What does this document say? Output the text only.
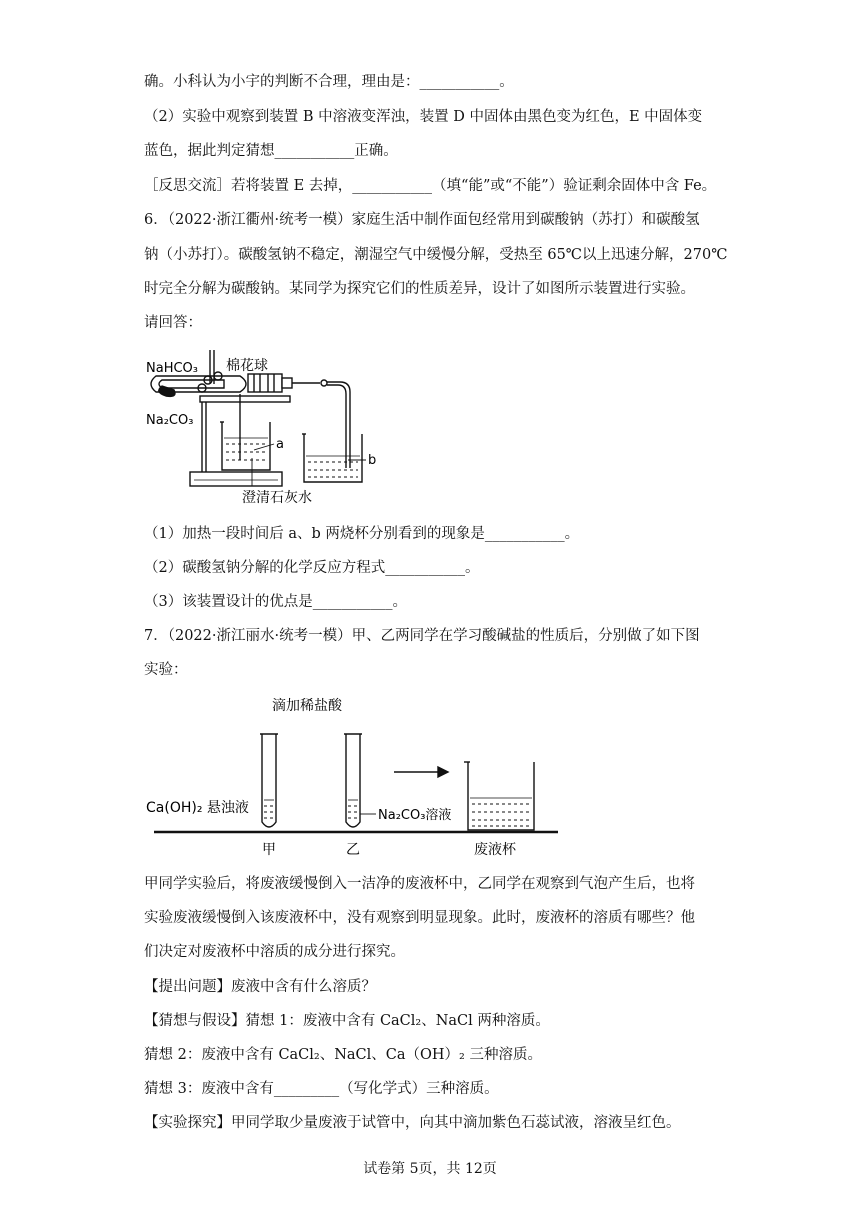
确。小科认为小宇的判断不合理，理由是：___________。
（2）实验中观察到装置 B 中溶液变浑浊，装置 D 中固体由黑色变为红色，E 中固体变
蓝色，据此判定猜想___________正确。
［反思交流］若将装置 E 去掉，___________（填“能”或“不能”）验证剩余固体中含 Fe。
6．（2022·浙江衢州·统考一模）家庭生活中制作面包经常用到碳酸钠（苏打）和碳酸氢
钠（小苏打）。碳酸氢钠不稳定，潮湿空气中缓慢分解，受热至 65℃以上迅速分解，270℃
时完全分解为碳酸钠。某同学为探究它们的性质差异，设计了如图所示装置进行实验。
请回答：
NaHCO₃ 棉花球
Na₂CO₃
a
b
澄清石灰水
（1）加热一段时间后 a、b 两烧杯分别看到的现象是___________。
（2）碳酸氢钠分解的化学反应方程式___________。
（3）该装置设计的优点是___________。
7．（2022·浙江丽水·统考一模）甲、乙两同学在学习酸碱盐的性质后，分别做了如下图
实验：
滴加稀盐酸
Ca(OH)₂ 悬浊液	Na₂CO₃溶液
甲	乙	废液杯
甲同学实验后，将废液缓慢倒入一洁净的废液杯中，乙同学在观察到气泡产生后，也将
实验废液缓慢倒入该废液杯中，没有观察到明显现象。此时，废液杯的溶质有哪些？他
们决定对废液杯中溶质的成分进行探究。
【提出问题】废液中含有什么溶质？
【猜想与假设】猜想 1：废液中含有 CaCl₂、NaCl 两种溶质。
猜想 2：废液中含有 CaCl₂、NaCl、Ca（OH）₂ 三种溶质。
猜想 3：废液中含有_________（写化学式）三种溶质。
【实验探究】甲同学取少量废液于试管中，向其中滴加紫色石蕊试液，溶液呈红色。
试卷第 5页，共 12页
